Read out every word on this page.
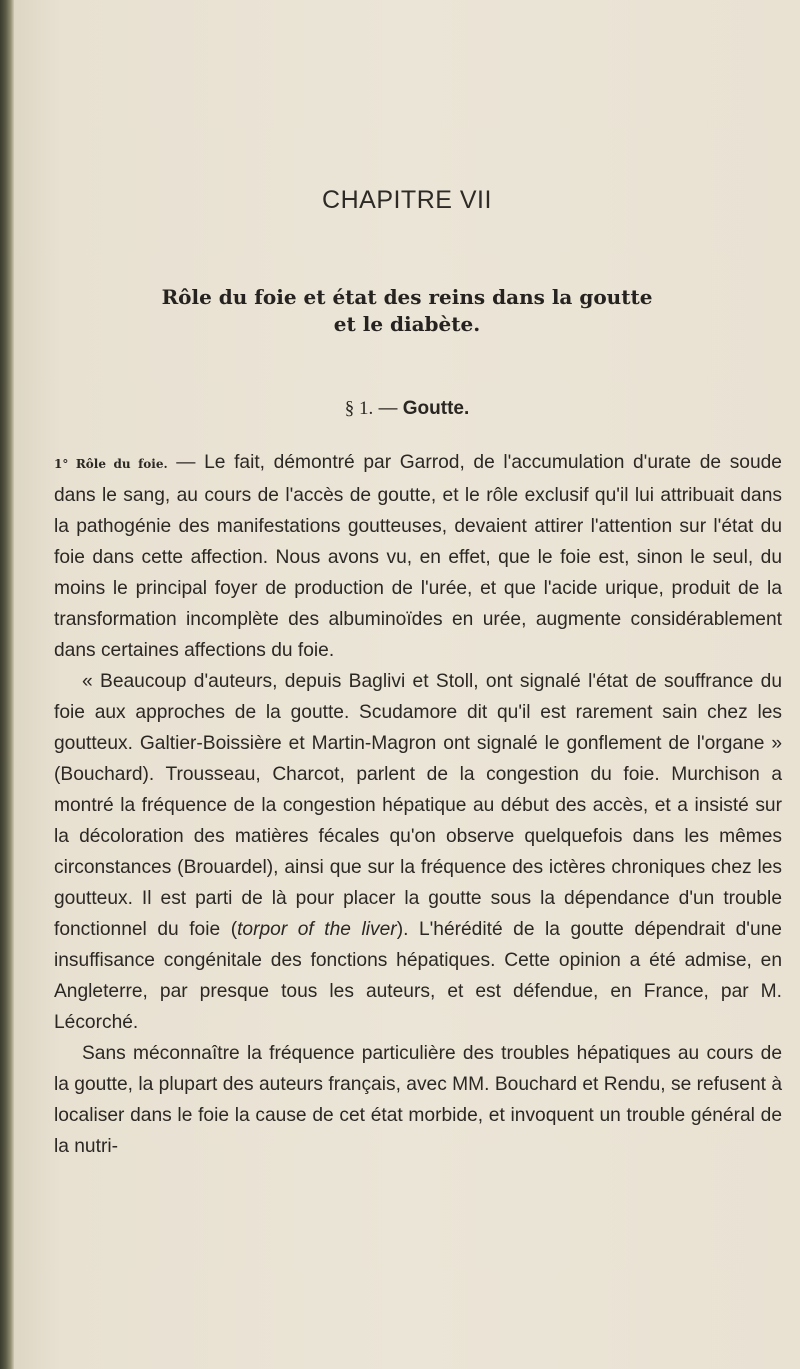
CHAPITRE VII
Rôle du foie et état des reins dans la goutte
et le diabète.
§ 1. — Goutte.

1° Rôle du foie. — Le fait, démontré par Garrod, de l'accumulation d'urate de soude dans le sang, au cours de l'accès de goutte, et le rôle exclusif qu'il lui attribuait dans la pathogénie des manifestations goutteuses, devaient attirer l'attention sur l'état du foie dans cette affection. Nous avons vu, en effet, que le foie est, sinon le seul, du moins le principal foyer de production de l'urée, et que l'acide urique, produit de la transformation incomplète des albuminoïdes en urée, augmente considérablement dans certaines affections du foie.

« Beaucoup d'auteurs, depuis Baglivi et Stoll, ont signalé l'état de souffrance du foie aux approches de la goutte. Scudamore dit qu'il est rarement sain chez les goutteux. Galtier-Boissière et Martin-Magron ont signalé le gonflement de l'organe » (Bouchard). Trousseau, Charcot, parlent de la congestion du foie. Murchison a montré la fréquence de la congestion hépatique au début des accès, et a insisté sur la décoloration des matières fécales qu'on observe quelquefois dans les mêmes circonstances (Brouardel), ainsi que sur la fréquence des ictères chroniques chez les goutteux. Il est parti de là pour placer la goutte sous la dépendance d'un trouble fonctionnel du foie (torpor of the liver). L'hérédité de la goutte dépendrait d'une insuffisance congénitale des fonctions hépatiques. Cette opinion a été admise, en Angleterre, par presque tous les auteurs, et est défendue, en France, par M. Lécorché.

Sans méconnaître la fréquence particulière des troubles hépatiques au cours de la goutte, la plupart des auteurs français, avec MM. Bouchard et Rendu, se refusent à localiser dans le foie la cause de cet état morbide, et invoquent un trouble général de la nutri-
